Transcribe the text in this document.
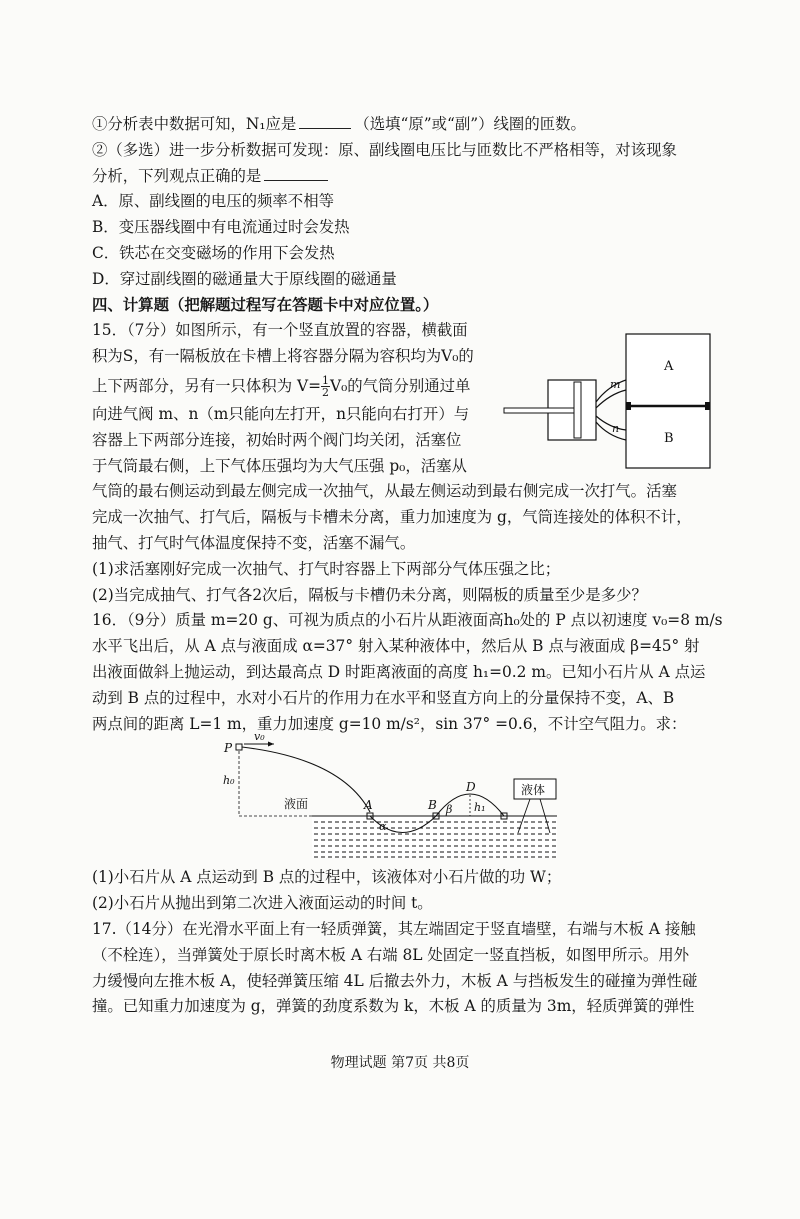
①分析表中数据可知，N₁应是	（选填“原”或“副”）线圈的匝数。
②（多选）进一步分析数据可发现：原、副线圈电压比与匝数比不严格相等，对该现象
分析，下列观点正确的是
A．原、副线圈的电压的频率不相等
B．变压器线圈中有电流通过时会发热
C．铁芯在交变磁场的作用下会发热
D．穿过副线圈的磁通量大于原线圈的磁通量
四、计算题（把解题过程写在答题卡中对应位置。）
15．（7分）如图所示，有一个竖直放置的容器，横截面
积为S，有一隔板放在卡槽上将容器分隔为容积均为V₀的
上下两部分，另有一只体积为 $V= \frac{1}{2} V_0$的气筒分别通过单
向进气阀 m、n（m只能向左打开，n只能向右打开）与
容器上下两部分连接，初始时两个阀门均关闭，活塞位
于气筒最右侧，上下气体压强均为大气压强 p₀，活塞从
气筒的最右侧运动到最左侧完成一次抽气，从最左侧运动到最右侧完成一次打气。活塞
完成一次抽气、打气后，隔板与卡槽未分离，重力加速度为 g，气筒连接处的体积不计，
抽气、打气时气体温度保持不变，活塞不漏气。
(1)求活塞刚好完成一次抽气、打气时容器上下两部分气体压强之比；
(2)当完成抽气、打气各2次后，隔板与卡槽仍未分离，则隔板的质量至少是多少？
16．（9分）质量 m=20 g、可视为质点的小石片从距液面高h₀处的 P 点以初速度 v₀=8 m/s
水平飞出后，从 A 点与液面成 α=37° 射入某种液体中，然后从 B 点与液面成 β=45° 射
出液面做斜上抛运动，到达最高点 D 时距离液面的高度 h₁=0.2 m。已知小石片从 A 点运
动到 B 点的过程中，水对小石片的作用力在水平和竖直方向上的分量保持不变，A、B
两点间的距离 L=1 m，重力加速度 g=10 m/s²，sin 37° =0.6，不计空气阻力。求：
P
v₀
h₀
液面	A
α
B β
D
h₁
液体
(1)小石片从 A 点运动到 B 点的过程中，该液体对小石片做的功 W；
(2)小石片从抛出到第二次进入液面运动的时间 t。
17.（14分）在光滑水平面上有一轻质弹簧，其左端固定于竖直墙壁，右端与木板 A 接触
（不栓连），当弹簧处于原长时离木板 A 右端 8L 处固定一竖直挡板，如图甲所示。用外
力缓慢向左推木板 A，使轻弹簧压缩 4L 后撤去外力，木板 A 与挡板发生的碰撞为弹性碰
撞。已知重力加速度为 g，弹簧的劲度系数为 k，木板 A 的质量为 3m，轻质弹簧的弹性
A
B
m
n
物理试题 第7页 共8页
